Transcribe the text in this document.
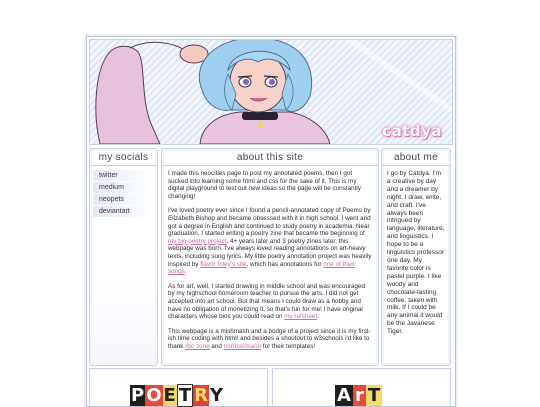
catdya
my socials
twitter
medium
neopets
deviantart
about this site

I made this neocities page to post my annotated poems, then I got sucked into learning some html and css for the sake of it. This is my digital playground to test out new ideas so the page will be constantly changing!

I've loved poetry ever since I found a pencil-annotated copy of Poems by Elizabeth Bishop and became obsessed with it in high school. I went and got a degree in English and continued to study poetry in academia. Near graduation, I started writing a poetry zine that became the beginning of my big poetry project. 4+ years later and 3 poetry zines later, this webpage was born. I've always loved reading annotations on art-heavy texts, including song lyrics. My little poetry annotation project was heavily inspired by flavor foley's site, which has annotations for one of their songs.

As for art, well. I started drawing in middle school and was encouraged by my highschool homeroom teacher to pursue the arts. I did not get accepted into art school. But that means I could draw as a hobby and have no obligation of monetizing it, so that's fun for me! I have original characters whose bios you could read on my refsheet.

This webpage is a mishmash and a bodge of a project since it is my first-ish time coding with html! and besides a shoutout to w3schools i'd like to thank rbo zone and nornnormann for their templates!

about me
I go by Catdya. I'm a creative by day and a dreamer by night. I draw, write, and craft. I've always been intrigued by language, literature, and linguistics. I hope to be a linguistics professor one day. My favorite color is pastel purple. I like woody and chocolate-tasting coffee, taken with milk. If I could be any animal it would be the Javanese Tiger.
P O E T R Y	A r T
